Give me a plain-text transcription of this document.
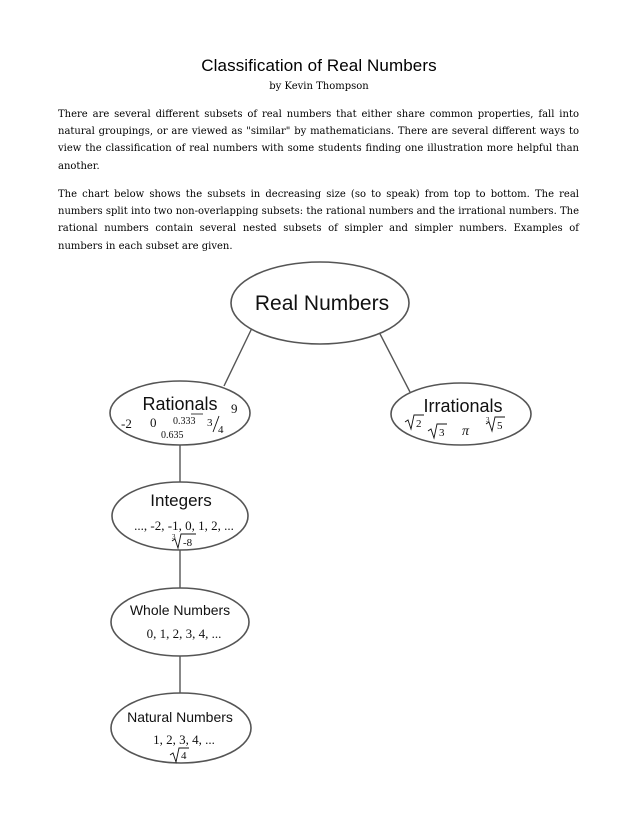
Classification of Real Numbers
by Kevin Thompson

There are several different subsets of real numbers that either share common properties, fall into natural groupings, or are viewed as "similar" by mathematicians. There are several different ways to view the classification of real numbers with some students finding one illustration more helpful than another.

The chart below shows the subsets in decreasing size (so to speak) from top to bottom. The real numbers split into two non-overlapping subsets: the rational numbers and the irrational numbers. The rational numbers contain several nested subsets of simpler and simpler numbers. Examples of numbers in each subset are given.

Real Numbers
Rationals
-2 0 0.333 3
4
9
0.635
Irrationals
2
3 π
3 5
Integers
..., -2, -1, 0, 1, 2, ...
3 -8
Whole Numbers
0, 1, 2, 3, 4, ...
Natural Numbers
1, 2, 3, 4, ...
4
